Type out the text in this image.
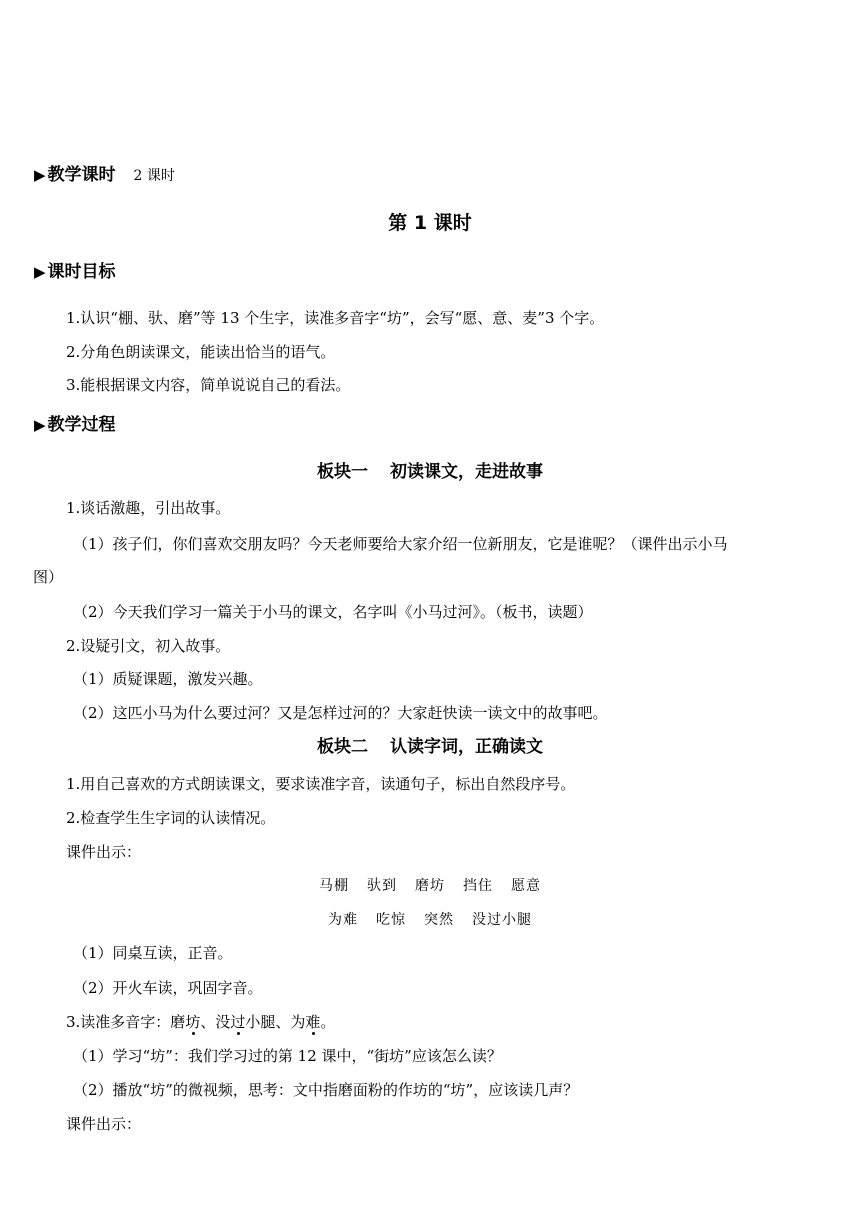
▶ 教学课时 2 课时
第 1 课时
▶ 课时目标
1.认识“棚、驮、磨”等 13 个生字，读准多音字“坊”，会写“愿、意、麦”3 个字。
2.分角色朗读课文，能读出恰当的语气。
3.能根据课文内容，简单说说自己的看法。
▶ 教学过程
板块一 初读课文，走进故事
1.谈话激趣，引出故事。
（1）孩子们，你们喜欢交朋友吗？今天老师要给大家介绍一位新朋友，它是谁呢？（课件出示小马
图）
（2）今天我们学习一篇关于小马的课文，名字叫《小马过河》。（板书，读题）
2.设疑引文，初入故事。
（1）质疑课题，激发兴趣。
（2）这匹小马为什么要过河？又是怎样过河的？大家赶快读一读文中的故事吧。
板块二 认读字词，正确读文
1.用自己喜欢的方式朗读课文，要求读准字音，读通句子，标出自然段序号。
2.检查学生生字词的认读情况。
课件出示：
马棚 驮到 磨坊 挡住 愿意
为难 吃惊 突然 没过小腿
（1）同桌互读，正音。
（2）开火车读，巩固字音。
3.读准多音字：磨坊、没过小腿、为难。
（1）学习“坊”：我们学习过的第 12 课中，“街坊”应该怎么读？
（2）播放“坊”的微视频，思考：文中指磨面粉的作坊的“坊”，应该读几声？
课件出示：
